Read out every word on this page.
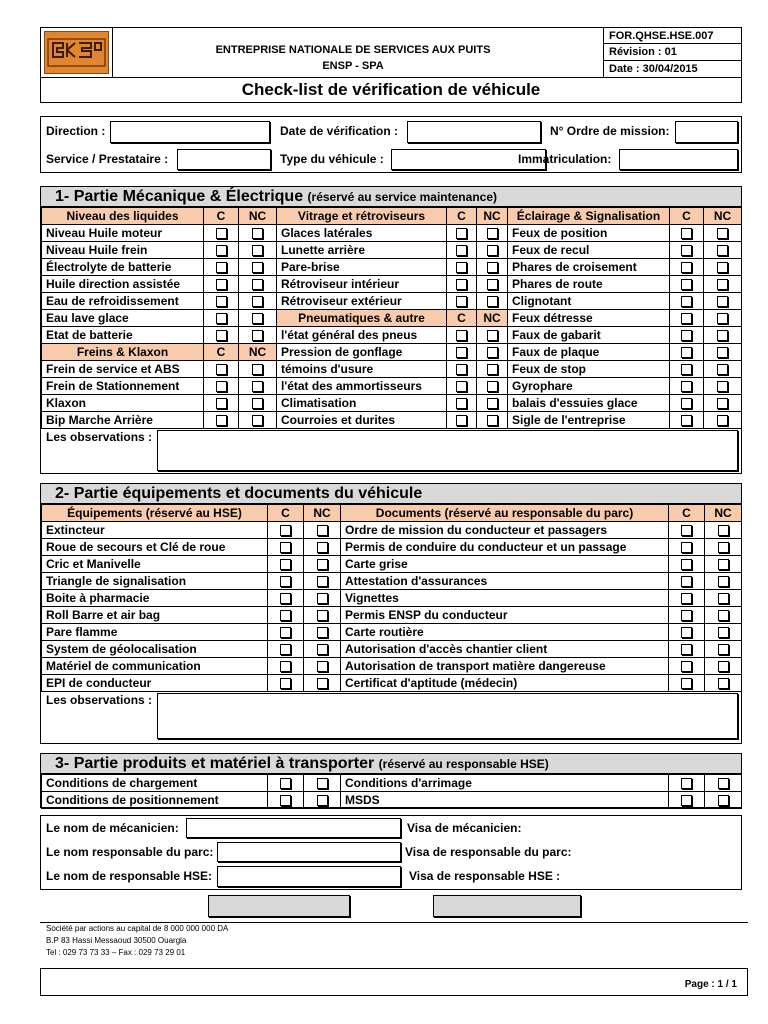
ENTREPRISE NATIONALE DE SERVICES AUX PUITS
ENSP - SPA
FOR.QHSE.HSE.007
Révision : 01
Date : 30/04/2015
Check-list de vérification de véhicule
Direction :	Date de vérification :	N° Ordre de mission:
Service / Prestataire :	Type du véhicule :	Immatriculation:
1- Partie Mécanique & Électrique (réservé au service maintenance)
Niveau des liquides	C	NC	Vitrage et rétroviseurs	C	NC	Éclairage & Signalisation	C	NC
Niveau Huile moteur			Glaces latérales			Feux de position		
Niveau Huile frein			Lunette arrière			Feux de recul		
Électrolyte de batterie			Pare-brise			Phares de croisement		
Huile direction assistée			Rétroviseur intérieur			Phares de route		
Eau de refroidissement			Rétroviseur extérieur			Clignotant		
Eau lave glace			Pneumatiques & autre	C	NC	Feux détresse		
Etat de batterie			l'état général des pneus			Faux de gabarit		
Freins & Klaxon	C	NC	Pression de gonflage			Faux de plaque		
Frein de service et ABS			témoins d'usure			Feux de stop		
Frein de Stationnement			l'état des ammortisseurs			Gyrophare		
Klaxon			Climatisation			balais d'essuies glace		
Bip Marche Arrière			Courroies et durites			Sigle de l'entreprise		
Les observations :
2- Partie équipements et documents du véhicule
Équipements (réservé au HSE)	C	NC	Documents (réservé au responsable du parc)	C	NC
Extincteur			Ordre de mission du conducteur et passagers		
Roue de secours et Clé de roue			Permis de conduire du conducteur et un passage		
Cric et Manivelle			Carte grise		
Triangle de signalisation			Attestation d'assurances		
Boite à pharmacie			Vignettes		
Roll Barre et air bag			Permis ENSP du conducteur		
Pare flamme			Carte routière		
System de géolocalisation			Autorisation d'accès chantier client		
Matériel de communication			Autorisation de transport matière dangereuse		
EPI de conducteur			Certificat d'aptitude (médecin)		
Les observations :
3- Partie produits et matériel à transporter (réservé au responsable HSE)
Conditions de chargement			Conditions d'arrimage		
Conditions de positionnement			MSDS		
Le nom de mécanicien:	Visa de mécanicien:
Le nom responsable du parc:	Visa de responsable du parc:
Le nom de responsable HSE:	Visa de responsable HSE :
Société par actions au capital de 8 000 000 000 DA
B.P 83 Hassi Messaoud 30500 Ouargla
Tel : 029 73 73 33 – Fax : 029 73 29 01
Page : 1 / 1
